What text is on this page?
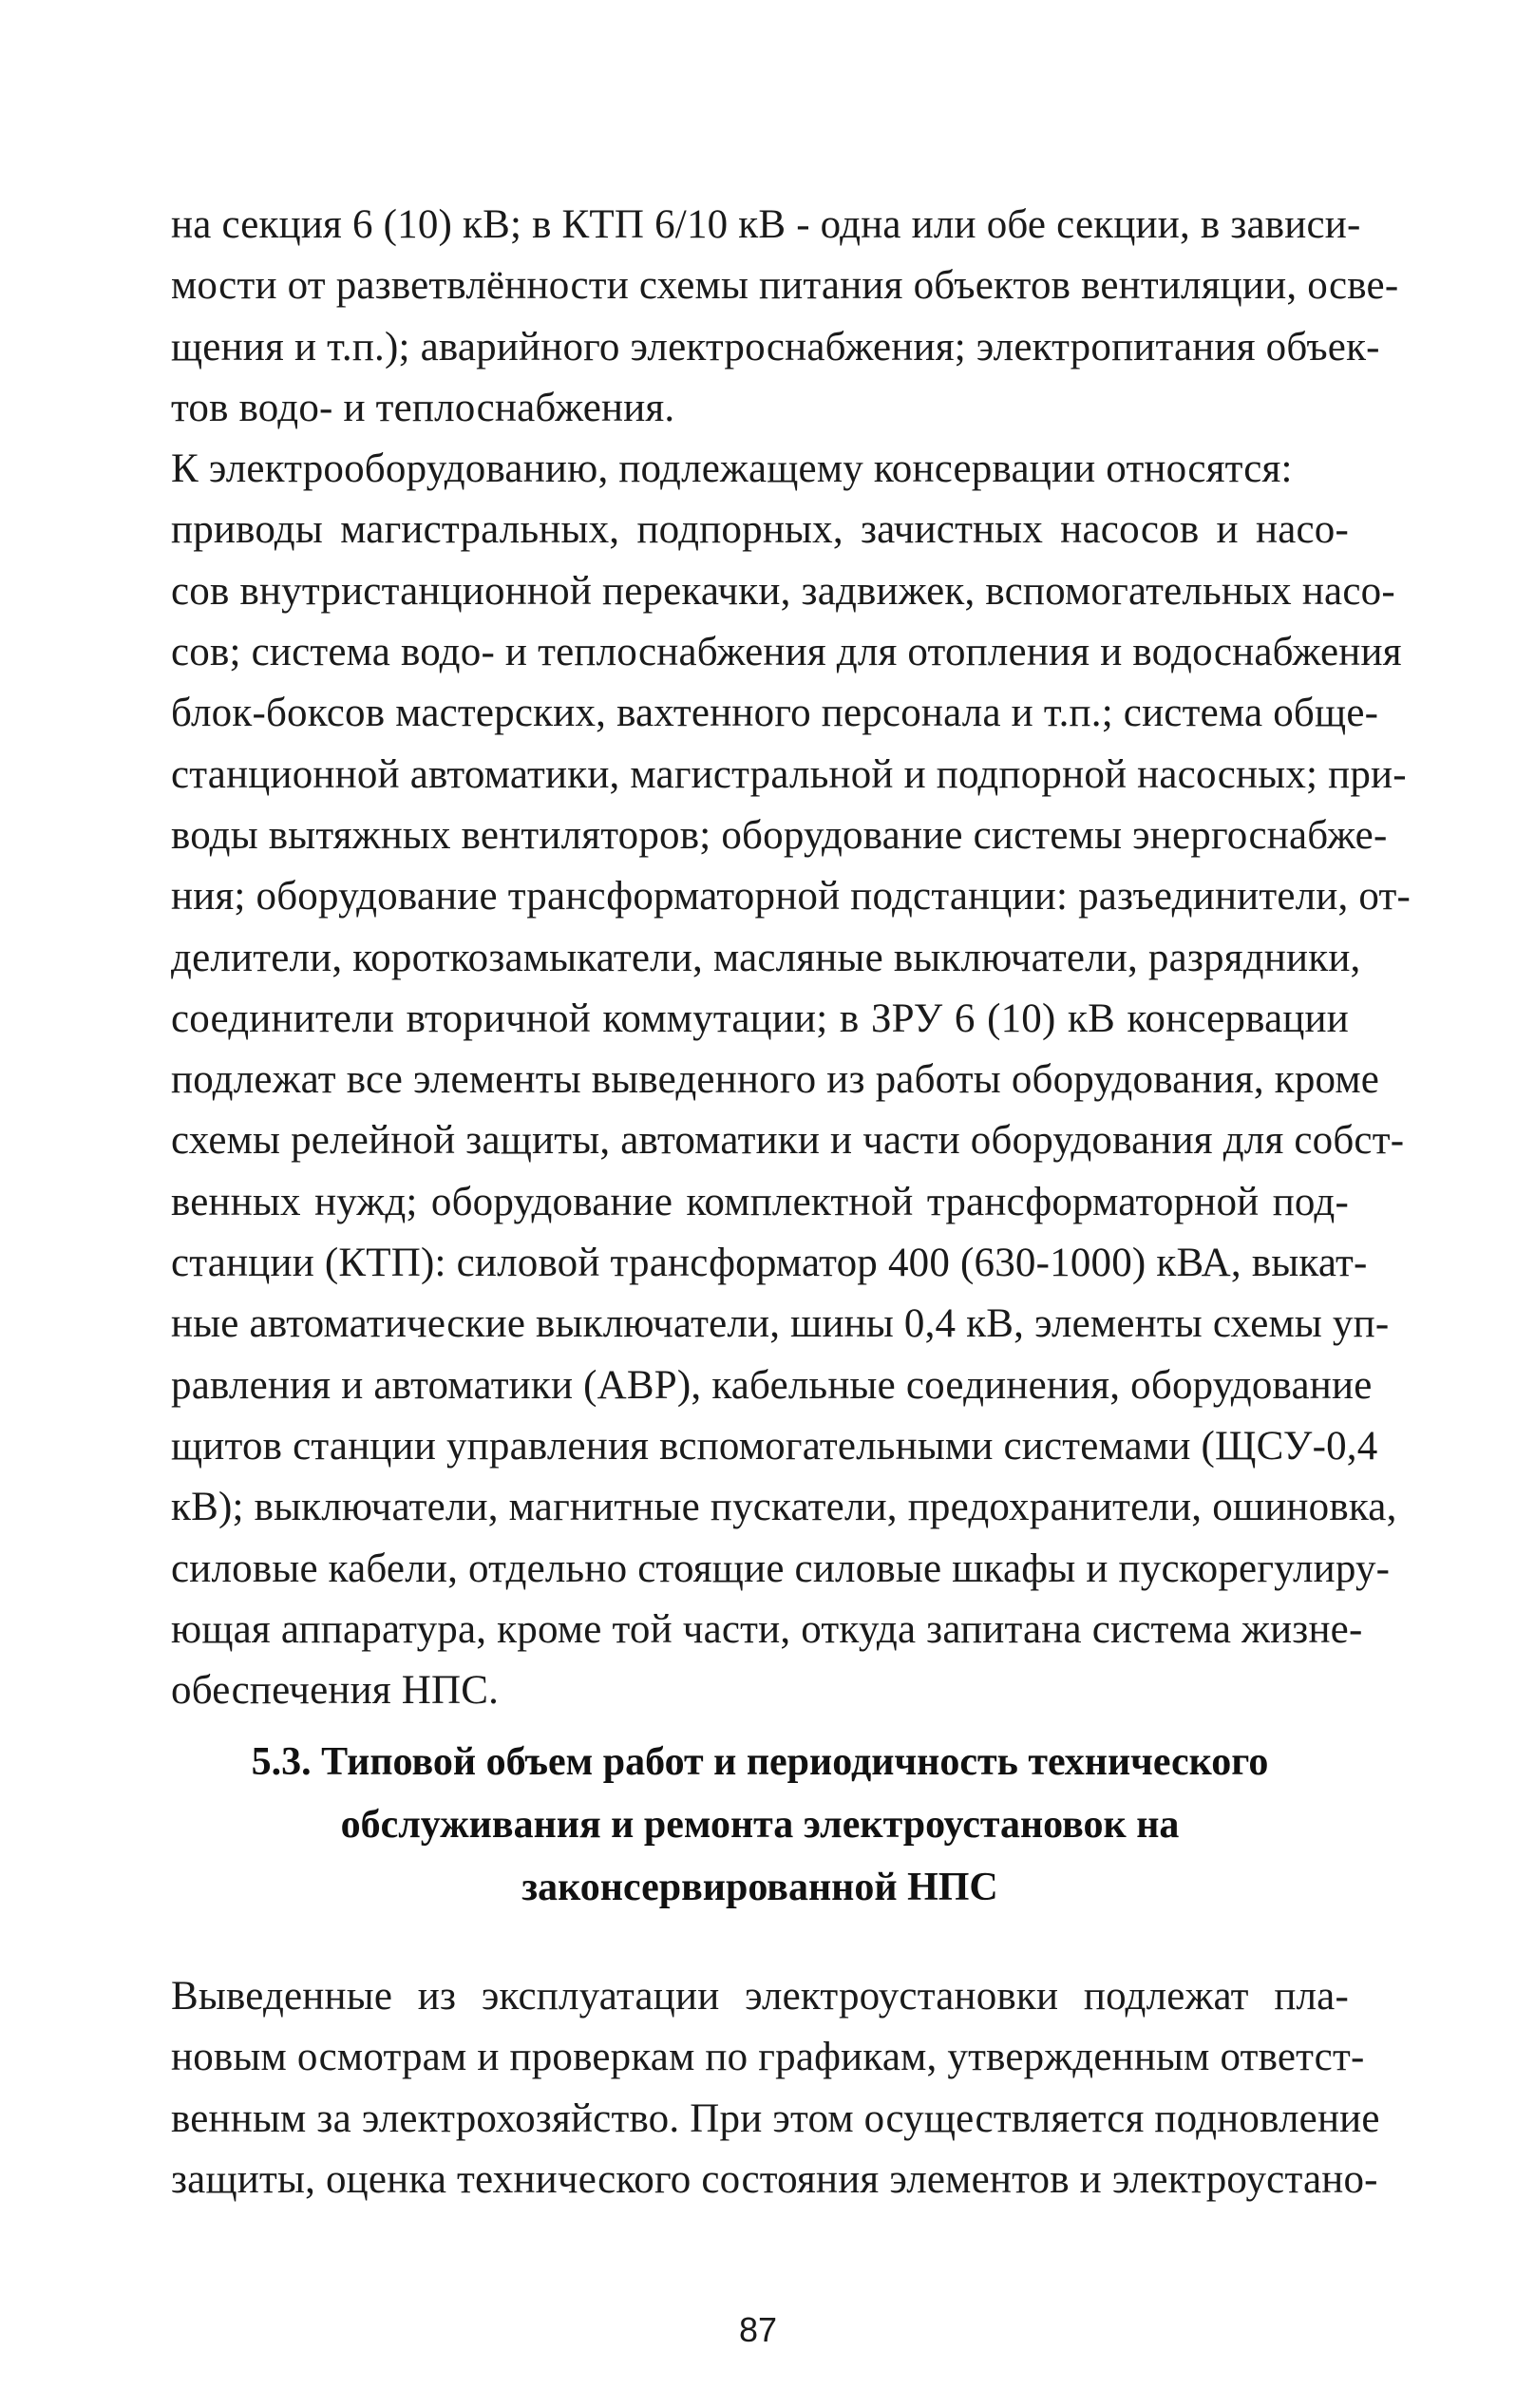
на секция 6 (10) кВ; в КТП 6/10 кВ - одна или обе секции, в зависи-
мости от разветвлённости схемы питания объектов вентиляции, осве-
щения и т.п.); аварийного электроснабжения; электропитания объек-
тов водо- и теплоснабжения.
К электрооборудованию, подлежащему консервации относятся:
приводы магистральных, подпорных, зачистных насосов и насо-
сов внутристанционной перекачки, задвижек, вспомогательных насо-
сов; система водо- и теплоснабжения для отопления и водоснабжения
блок-боксов мастерских, вахтенного персонала и т.п.; система обще-
станционной автоматики, магистральной и подпорной насосных; при-
воды вытяжных вентиляторов; оборудование системы энергоснабже-
ния; оборудование трансформаторной подстанции: разъединители, от-
делители, короткозамыкатели, масляные выключатели, разрядники,
соединители вторичной коммутации; в ЗРУ 6 (10) кВ консервации
подлежат все элементы выведенного из работы оборудования, кроме
схемы релейной защиты, автоматики и части оборудования для собст-
венных нужд; оборудование комплектной трансформаторной под-
станции (КТП): силовой трансформатор 400 (630-1000) кВА, выкат-
ные автоматические выключатели, шины 0,4 кВ, элементы схемы уп-
равления и автоматики (АВР), кабельные соединения, оборудование
щитов станции управления вспомогательными системами (ЩСУ-0,4
кВ); выключатели, магнитные пускатели, предохранители, ошиновка,
силовые кабели, отдельно стоящие силовые шкафы и пускорегулиру-
ющая аппаратура, кроме той части, откуда запитана система жизне-
обеспечения НПС.
5.3. Типовой объем работ и периодичность технического
обслуживания и ремонта электроустановок на
законсервированной НПС
Выведенные из эксплуатации электроустановки подлежат пла-
новым осмотрам и проверкам по графикам, утвержденным ответст-
венным за электрохозяйство. При этом осуществляется подновление
защиты, оценка технического состояния элементов и электроустано-
87
